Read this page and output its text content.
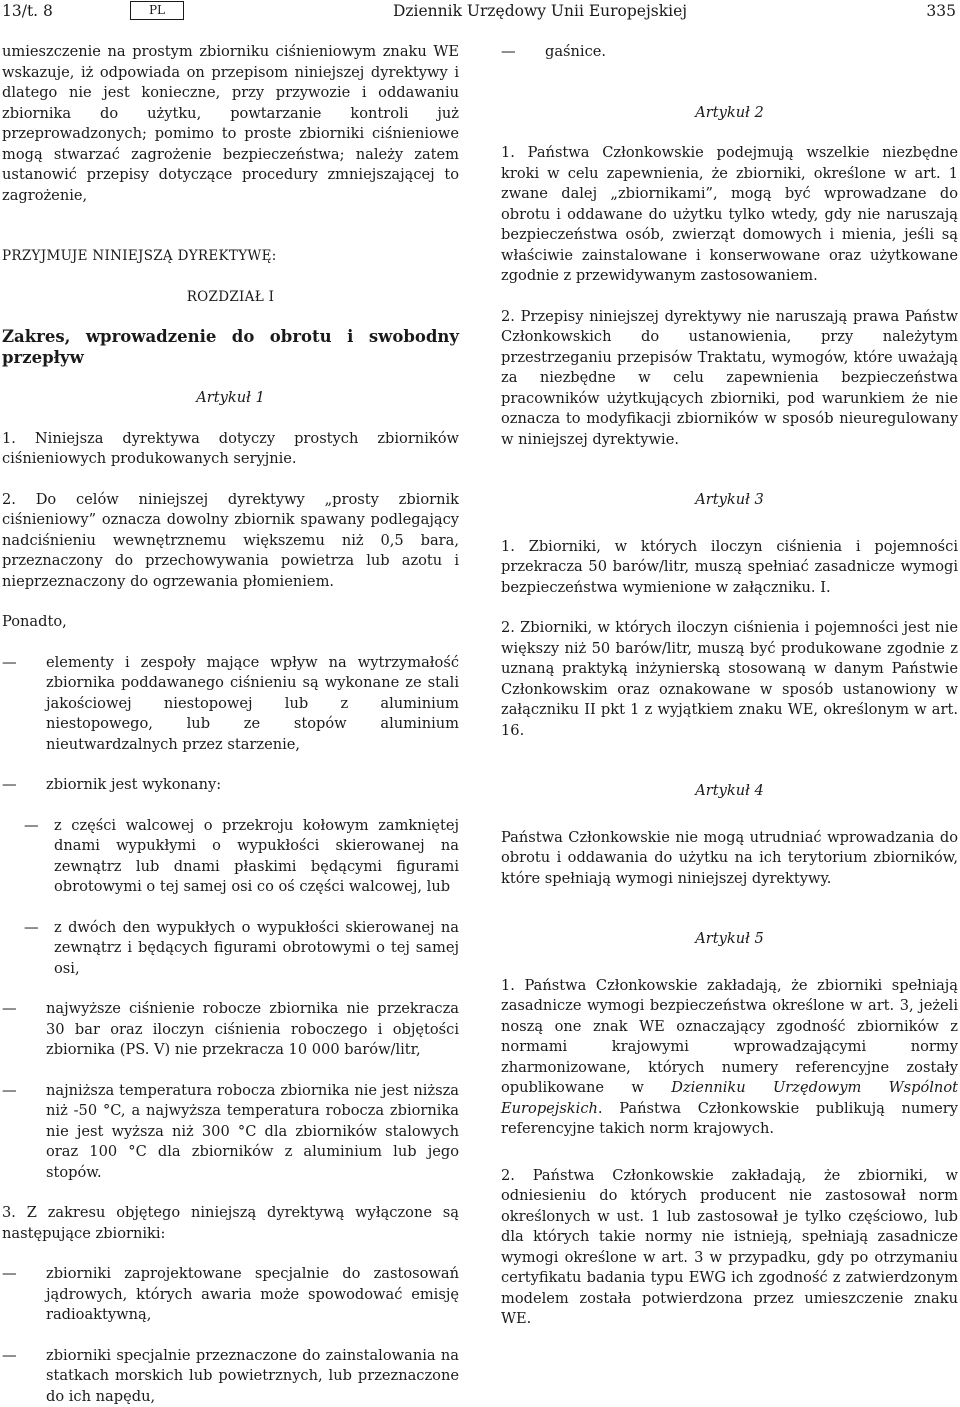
13/t. 8	PL	Dziennik Urzędowy Unii Europejskiej	335

umieszczenie na prostym zbiorniku ciśnieniowym znaku WE wskazuje, iż odpowiada on przepisom niniejszej dyrektywy i dlatego nie jest konieczne, przy przywozie i oddawaniu zbiornika do użytku, powtarzanie kontroli już przeprowadzonych; pomimo to proste zbiorniki ciśnieniowe mogą stwarzać zagrożenie bezpieczeństwa; należy zatem ustanowić przepisy dotyczące procedury zmniejszającej to zagrożenie,

PRZYJMUJE NINIEJSZĄ DYREKTYWĘ:

ROZDZIAŁ I

Zakres, wprowadzenie do obrotu i swobodny przepływ

Artykuł 1

1. Niniejsza dyrektywa dotyczy prostych zbiorników ciśnieniowych produkowanych seryjnie.

2. Do celów niniejszej dyrektywy „prosty zbiornik ciśnieniowy” oznacza dowolny zbiornik spawany podlegający nadciśnieniu wewnętrznemu większemu niż 0,5 bara, przeznaczony do przechowywania powietrza lub azotu i nieprzeznaczony do ogrzewania płomieniem.

Ponadto,

—	elementy i zespoły mające wpływ na wytrzymałość zbiornika poddawanego ciśnieniu są wykonane ze stali jakościowej niestopowej lub z aluminium niestopowego, lub ze stopów aluminium nieutwardzalnych przez starzenie,
—	zbiornik jest wykonany:
—	z części walcowej o przekroju kołowym zamkniętej dnami wypukłymi o wypukłości skierowanej na zewnątrz lub dnami płaskimi będącymi figurami obrotowymi o tej samej osi co oś części walcowej, lub
—	z dwóch den wypukłych o wypukłości skierowanej na zewnątrz i będących figurami obrotowymi o tej samej osi,
—	najwyższe ciśnienie robocze zbiornika nie przekracza 30 bar oraz iloczyn ciśnienia roboczego i objętości zbiornika (PS. V) nie przekracza 10 000 barów/litr,
—	najniższa temperatura robocza zbiornika nie jest niższa niż -50 °C, a najwyższa temperatura robocza zbiornika nie jest wyższa niż 300 °C dla zbiorników stalowych oraz 100 °C dla zbiorników z aluminium lub jego stopów.

3. Z zakresu objętego niniejszą dyrektywą wyłączone są następujące zbiorniki:

—	zbiorniki zaprojektowane specjalnie do zastosowań jądrowych, których awaria może spowodować emisję radioaktywną,
—	zbiorniki specjalnie przeznaczone do zainstalowania na statkach morskich lub powietrznych, lub przeznaczone do ich napędu,
—	gaśnice.

Artykuł 2

1. Państwa Członkowskie podejmują wszelkie niezbędne kroki w celu zapewnienia, że zbiorniki, określone w art. 1 zwane dalej „zbiornikami”, mogą być wprowadzane do obrotu i oddawane do użytku tylko wtedy, gdy nie naruszają bezpieczeństwa osób, zwierząt domowych i mienia, jeśli są właściwie zainstalowane i konserwowane oraz użytkowane zgodnie z przewidywanym zastosowaniem.

2. Przepisy niniejszej dyrektywy nie naruszają prawa Państw Członkowskich do ustanowienia, przy należytym przestrzeganiu przepisów Traktatu, wymogów, które uważają za niezbędne w celu zapewnienia bezpieczeństwa pracowników użytkujących zbiorniki, pod warunkiem że nie oznacza to modyfikacji zbiorników w sposób nieuregulowany w niniejszej dyrektywie.

Artykuł 3

1. Zbiorniki, w których iloczyn ciśnienia i pojemności przekracza 50 barów/litr, muszą spełniać zasadnicze wymogi bezpieczeństwa wymienione w załączniku. I.

2. Zbiorniki, w których iloczyn ciśnienia i pojemności jest nie większy niż 50 barów/litr, muszą być produkowane zgodnie z uznaną praktyką inżynierską stosowaną w danym Państwie Członkowskim oraz oznakowane w sposób ustanowiony w załączniku II pkt 1 z wyjątkiem znaku WE, określonym w art. 16.

Artykuł 4

Państwa Członkowskie nie mogą utrudniać wprowadzania do obrotu i oddawania do użytku na ich terytorium zbiorników, które spełniają wymogi niniejszej dyrektywy.

Artykuł 5

1. Państwa Członkowskie zakładają, że zbiorniki spełniają zasadnicze wymogi bezpieczeństwa określone w art. 3, jeżeli noszą one znak WE oznaczający zgodność zbiorników z normami krajowymi wprowadzającymi normy zharmonizowane, których numery referencyjne zostały opublikowane w Dzienniku Urzędowym Wspólnot Europejskich. Państwa Członkowskie publikują numery referencyjne takich norm krajowych.

2. Państwa Członkowskie zakładają, że zbiorniki, w odniesieniu do których producent nie zastosował norm określonych w ust. 1 lub zastosował je tylko częściowo, lub dla których takie normy nie istnieją, spełniają zasadnicze wymogi określone w art. 3 w przypadku, gdy po otrzymaniu certyfikatu badania typu EWG ich zgodność z zatwierdzonym modelem została potwierdzona przez umieszczenie znaku WE.
